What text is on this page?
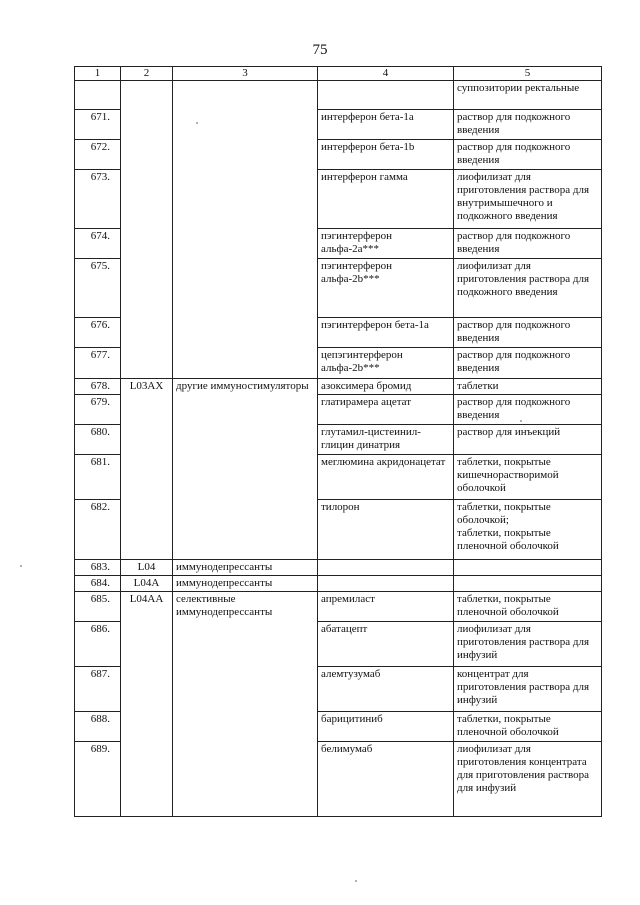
75
1	2	3	4	5
				суппозитории ректальные
671.			интерферон бета-1a	раствор для подкожного введения
672.			интерферон бета-1b	раствор для подкожного введения
673.			интерферон гамма	лиофилизат для приготовления раствора для внутримышечного и подкожного введения
674.			пэгинтерферон альфа-2a***	раствор для подкожного введения
675.			пэгинтерферон альфа-2b***	лиофилизат для приготовления раствора для подкожного введения
676.			пэгинтерферон бета-1a	раствор для подкожного введения
677.			цепэгинтерферон альфа-2b***	раствор для подкожного введения
678.	L03AX	другие иммуностимуляторы	азоксимера бромид	таблетки
679.			глатирамера ацетат	раствор для подкожного введения
680.			глутамил-цистеинил-глицин динатрия	раствор для инъекций
681.			меглюмина акридонацетат	таблетки, покрытые кишечнорастворимой оболочкой
682.			тилорон	таблетки, покрытые оболочкой;
таблетки, покрытые пленочной оболочкой
683.	L04	иммунодепрессанты		
684.	L04A	иммунодепрессанты		
685.	L04AA	селективные иммунодепрессанты	апремиласт	таблетки, покрытые пленочной оболочкой
686.			абатацепт	лиофилизат для приготовления раствора для инфузий
687.			алемтузумаб	концентрат для приготовления раствора для инфузий
688.			барицитиниб	таблетки, покрытые пленочной оболочкой
689.			белимумаб	лиофилизат для приготовления концентрата для приготовления раствора для инфузий
